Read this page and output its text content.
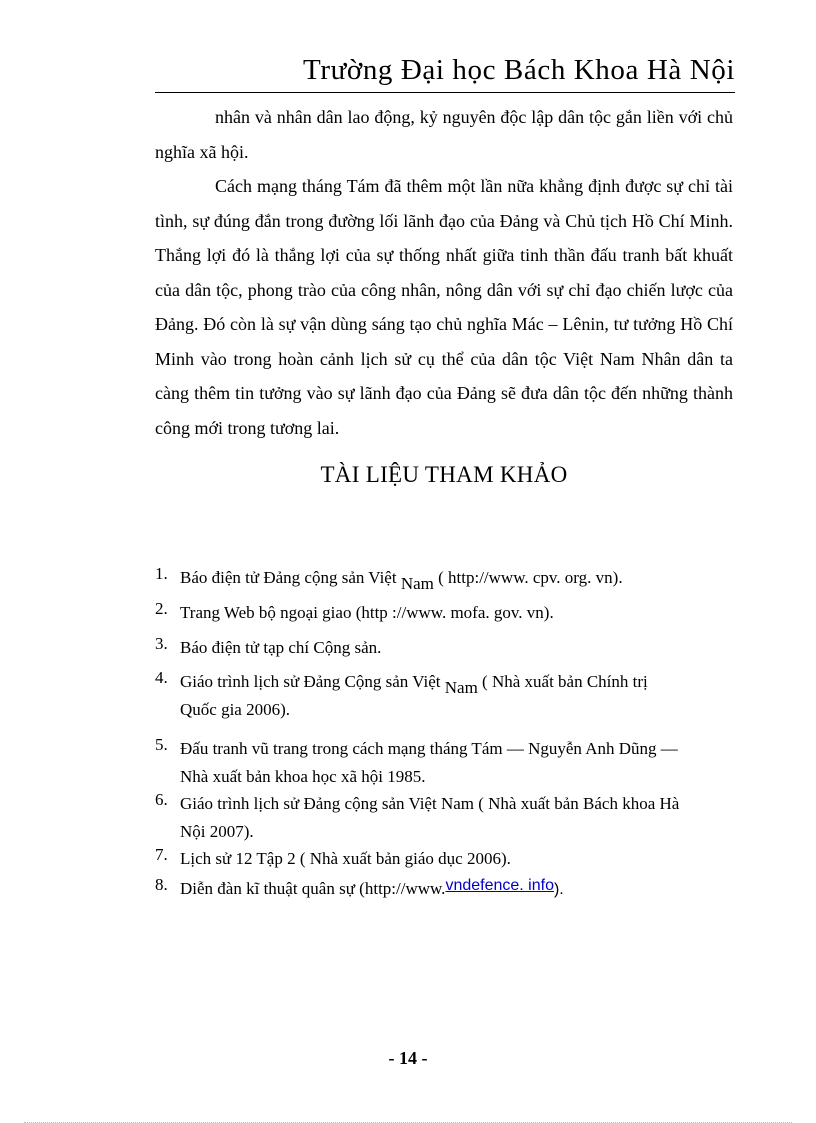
Trường Đại học Bách Khoa Hà Nội

nhân và nhân dân lao động, kỷ nguyên độc lập dân tộc gắn liền với chủ nghĩa xã hội.

Cách mạng tháng Tám đã thêm một lần nữa khẳng định được sự chỉ tài tình, sự đúng đắn trong đường lối lãnh đạo của Đảng và Chủ tịch Hồ Chí Minh. Thắng lợi đó là thắng lợi của sự thống nhất giữa tinh thần đấu tranh bất khuất của dân tộc, phong trào của công nhân, nông dân với sự chỉ đạo chiến lược của Đảng. Đó còn là sự vận dùng sáng tạo chủ nghĩa Mác – Lênin, tư tưởng Hồ Chí Minh vào trong hoàn cảnh lịch sử cụ thể của dân tộc Việt Nam Nhân dân ta càng thêm tin tưởng vào sự lãnh đạo của Đảng sẽ đưa dân tộc đến những thành công mới trong tương lai.

TÀI LIỆU THAM KHẢO
1. Báo điện tử Đảng cộng sản Việt Nam ( http://www. cpv. org. vn).
2. Trang Web bộ ngoại giao (http ://www. mofa. gov. vn).
3. Báo điện tử tạp chí Cộng sản.
4. Giáo trình lịch sử Đảng Cộng sản Việt Nam ( Nhà xuất bản Chính trị
Quốc gia 2006).
5. Đấu tranh vũ trang trong cách mạng tháng Tám — Nguyễn Anh Dũng —
Nhà xuất bản khoa học xã hội 1985.
6. Giáo trình lịch sử Đảng cộng sản Việt Nam ( Nhà xuất bản Bách khoa Hà
Nội 2007).
7. Lịch sử 12 Tập 2 ( Nhà xuất bản giáo dục 2006).
8. Diễn đàn kĩ thuật quân sự (http://www.vndefence. info).
- 14 -
